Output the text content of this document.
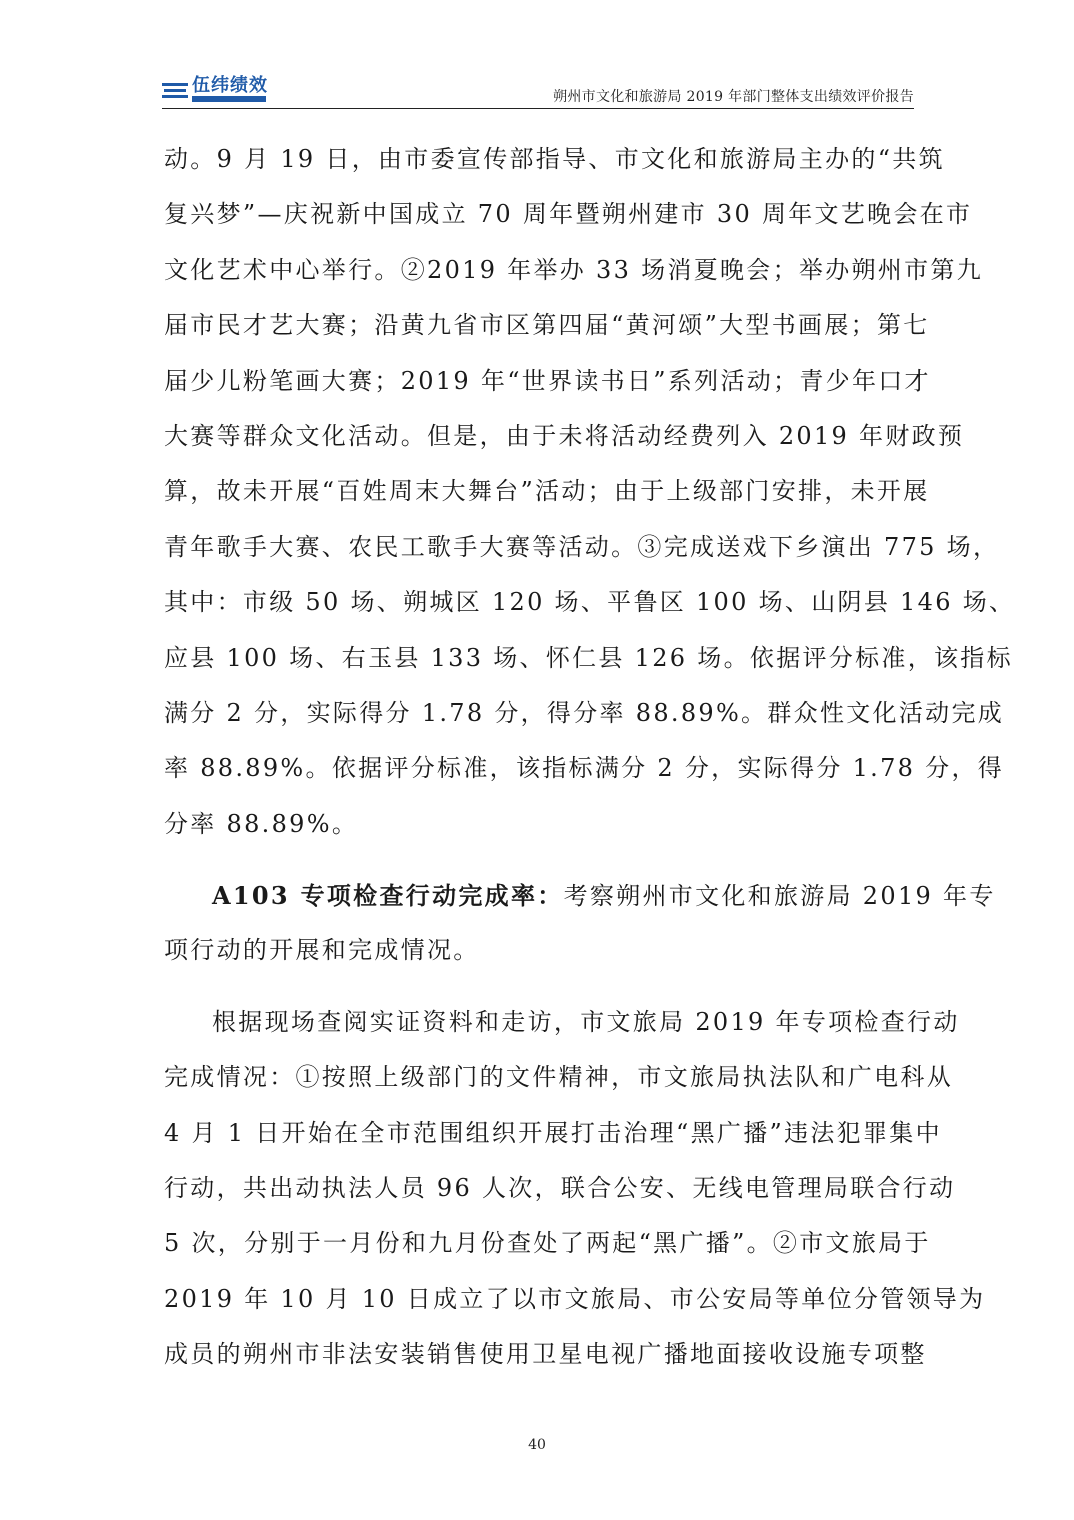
伍纬绩效
朔州市文化和旅游局 2019 年部门整体支出绩效评价报告
动。9 月 19 日，由市委宣传部指导、市文化和旅游局主办的“共筑
复兴梦”—庆祝新中国成立 70 周年暨朔州建市 30 周年文艺晚会在市
文化艺术中心举行。②2019 年举办 33 场消夏晚会；举办朔州市第九
届市民才艺大赛；沿黄九省市区第四届“黄河颂”大型书画展；第七
届少儿粉笔画大赛；2019 年“世界读书日”系列活动；青少年口才
大赛等群众文化活动。但是，由于未将活动经费列入 2019 年财政预
算，故未开展“百姓周末大舞台”活动；由于上级部门安排，未开展
青年歌手大赛、农民工歌手大赛等活动。③完成送戏下乡演出 775 场，
其中：市级 50 场、朔城区 120 场、平鲁区 100 场、山阴县 146 场、
应县 100 场、右玉县 133 场、怀仁县 126 场。依据评分标准，该指标
满分 2 分，实际得分 1.78 分，得分率 88.89%。群众性文化活动完成
率 88.89%。依据评分标准，该指标满分 2 分，实际得分 1.78 分，得
分率 88.89%。
A103 专项检查行动完成率：考察朔州市文化和旅游局 2019 年专
项行动的开展和完成情况。
根据现场查阅实证资料和走访，市文旅局 2019 年专项检查行动
完成情况：①按照上级部门的文件精神，市文旅局执法队和广电科从
4 月 1 日开始在全市范围组织开展打击治理“黑广播”违法犯罪集中
行动，共出动执法人员 96 人次，联合公安、无线电管理局联合行动
5 次，分别于一月份和九月份查处了两起“黑广播”。②市文旅局于
2019 年 10 月 10 日成立了以市文旅局、市公安局等单位分管领导为
成员的朔州市非法安装销售使用卫星电视广播地面接收设施专项整
40
